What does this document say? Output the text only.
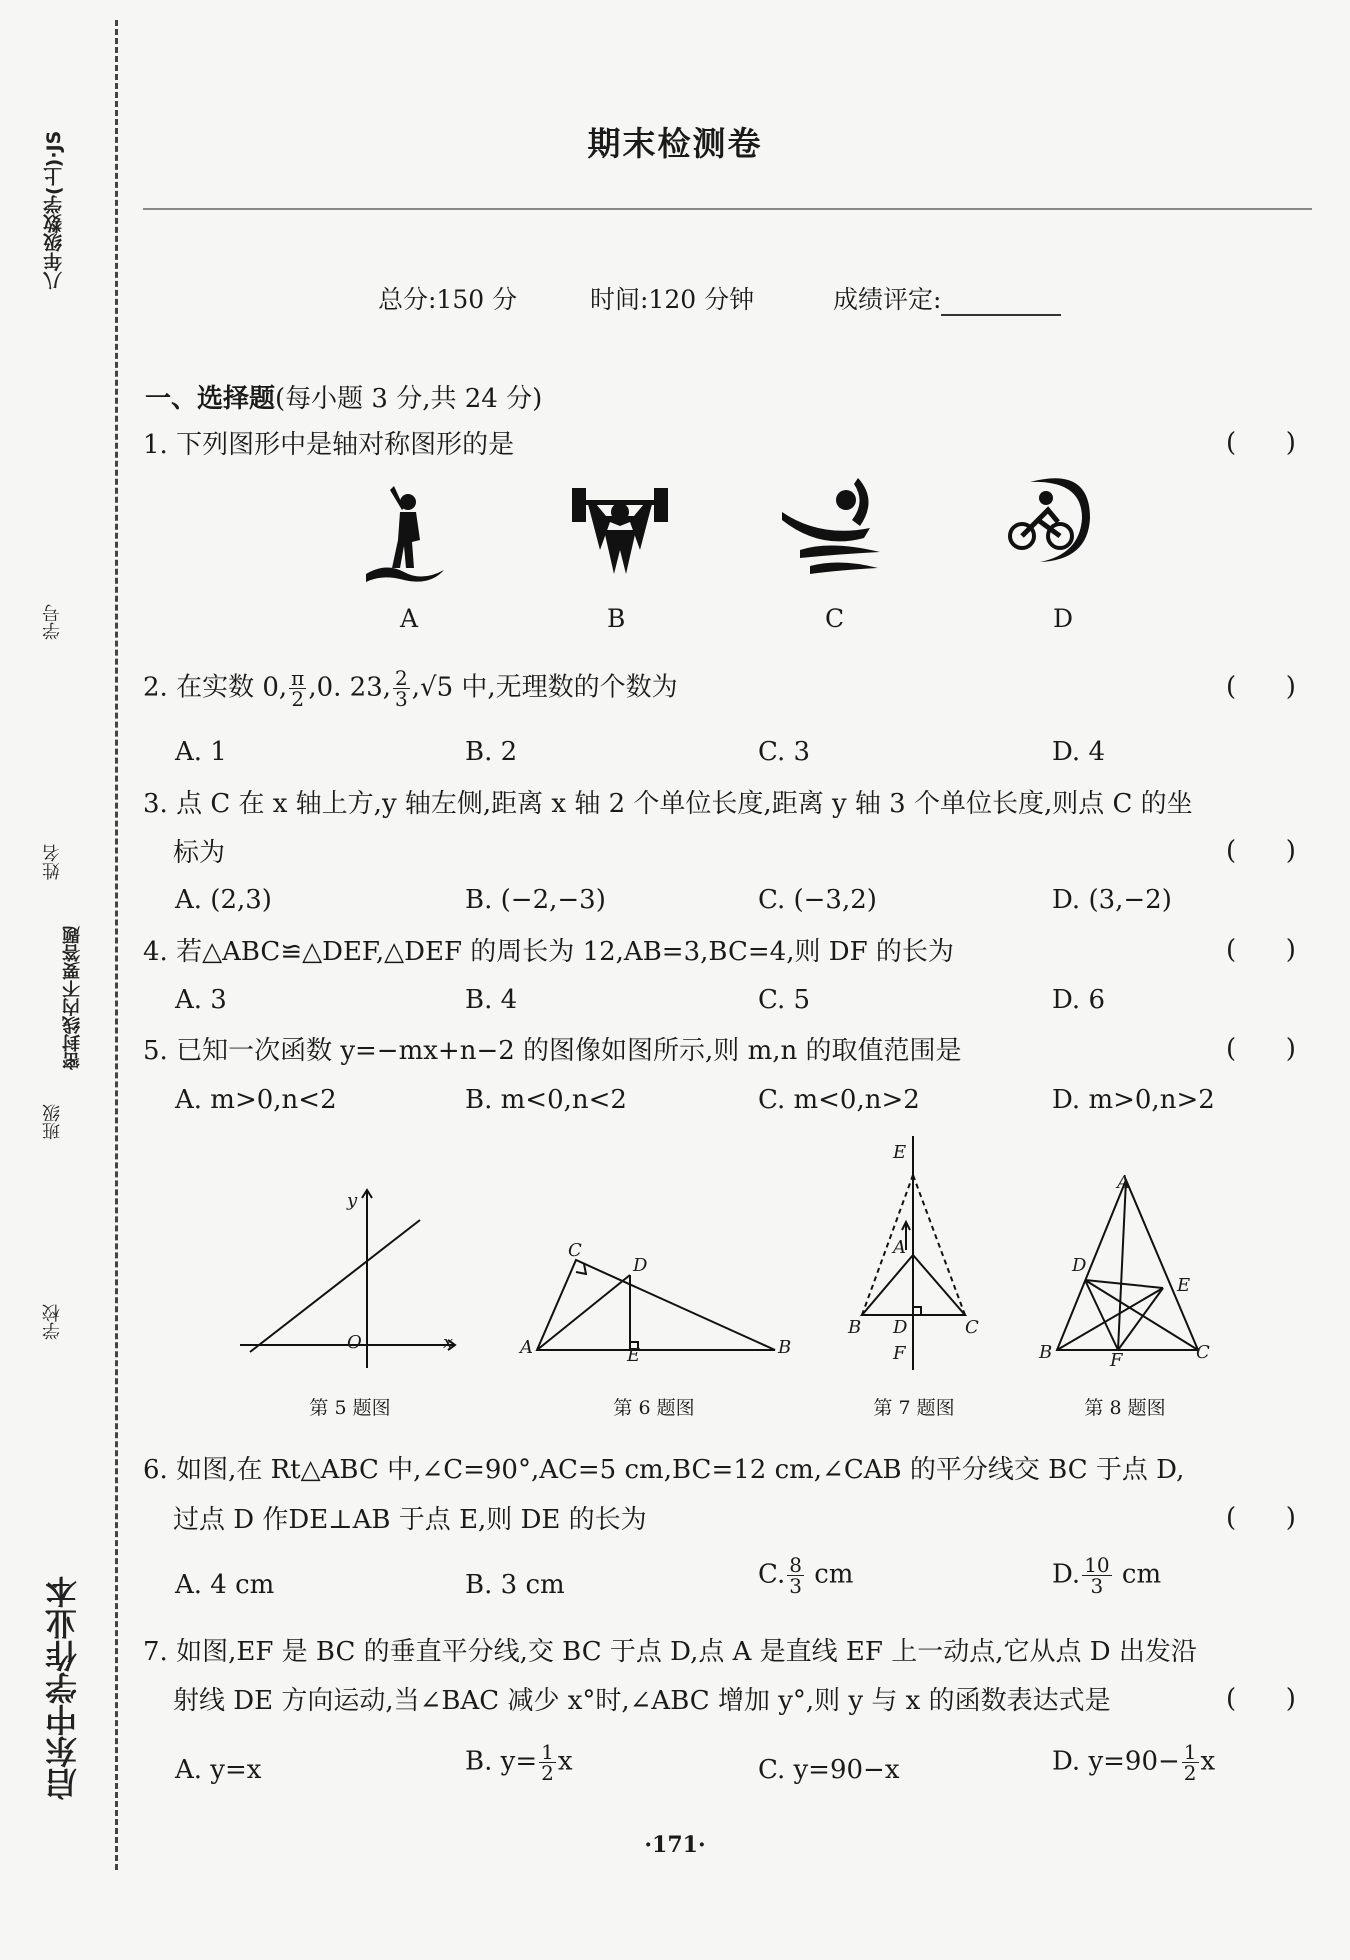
八年级数学(上)·JS
学号
姓名
密封线内不要答题
班级
学校
启东中学作业本
期末检测卷
总分:150 分	时间:120 分钟	成绩评定:
一、选择题(每小题 3 分,共 24 分)
1. 下列图形中是轴对称图形的是	(      )
A	B	C	D
2. 在实数 0, $\frac{\pi}{2} ,0$. 23, $\frac{2}{3} ,√5$ 中,无理数的个数为	(      )
A. 1	B. 2	C. 3	D. 4
3. 点 C 在 x 轴上方,y 轴左侧,距离 x 轴 2 个单位长度,距离 y 轴 3 个单位长度,则点 C 的坐
标为	(      )
A. (2,3)	B. (−2,−3)	C. (−3,2)	D. (3,−2)
4. 若△ABC≌△DEF,△DEF 的周长为 12,AB=3,BC=4,则 DF 的长为	(      )
A. 3	B. 4	C. 5	D. 6
5. 已知一次函数 y=−mx+n−2 的图像如图所示,则 m,n 的取值范围是	(      )
A. m>0,n<2	B. m<0,n<2	C. m<0,n>2	D. m>0,n>2
y
O	x	A	B
C
D
E
E
A
B	C
D
F
A
B	C
D
E
F
第 5 题图	第 6 题图	第 7 题图	第 8 题图
6. 如图,在 Rt△ABC 中,∠C=90°,AC=5 cm,BC=12 cm,∠CAB 的平分线交 BC 于点 D,
过点 D 作DE⊥AB 于点 E,则 DE 的长为	(      )
A. 4 cm	B. 3 cm	C. $\frac{8}{3}$ cm	D. $\frac{10}{3}$ cm
7. 如图,EF 是 BC 的垂直平分线,交 BC 于点 D,点 A 是直线 EF 上一动点,它从点 D 出发沿
射线 DE 方向运动,当∠BAC 减少 x°时,∠ABC 增加 y°,则 y 与 x 的函数表达式是	(      )
A. y=x	B. $y= \frac{1}{2}$ x	C. y=90−x	D. $y=90- \frac{1}{2}$ x
·171·
